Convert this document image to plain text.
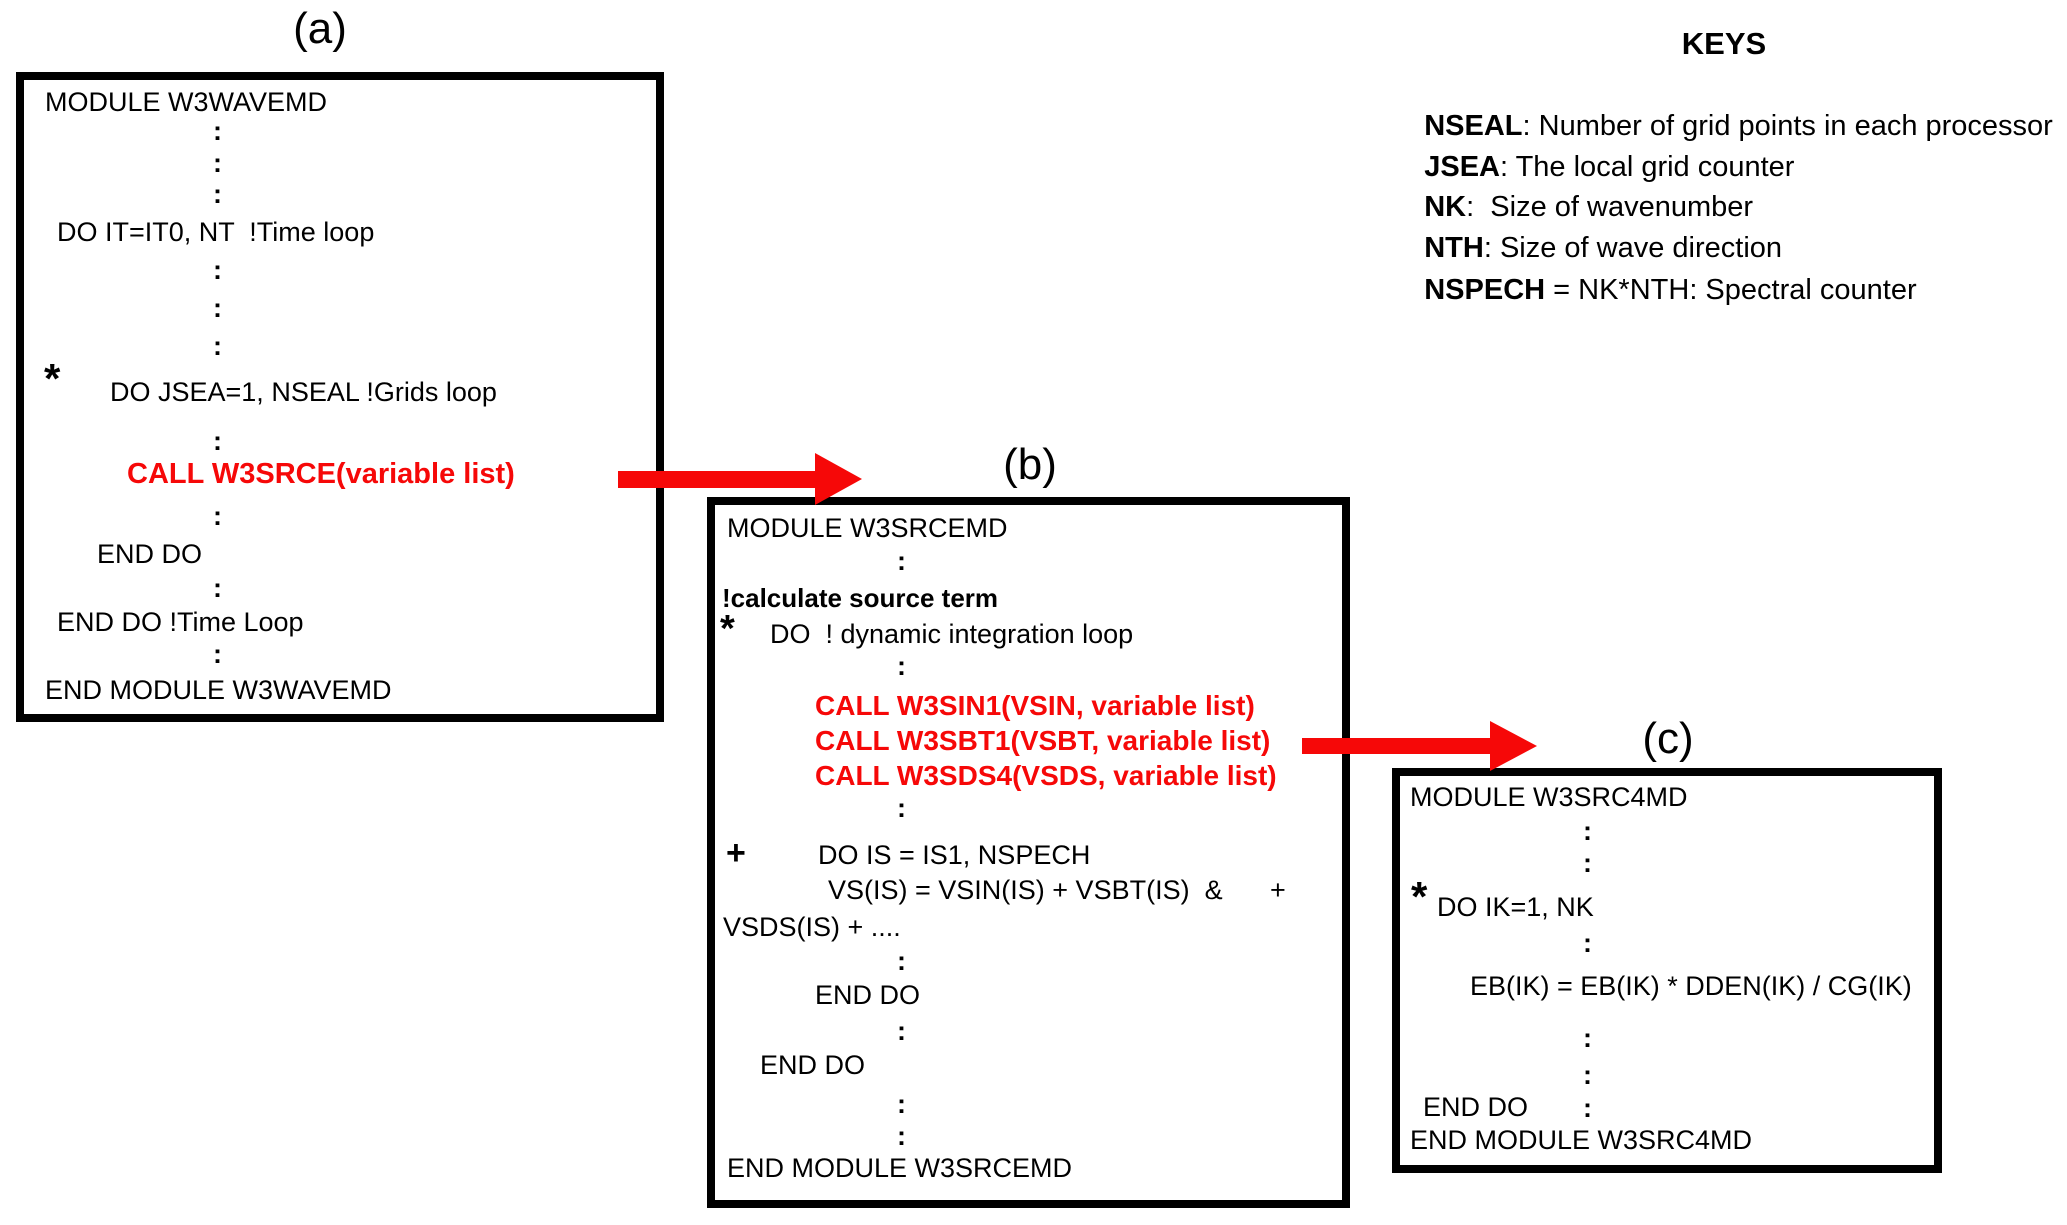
(a)
(b)
(c)
MODULE W3WAVEMD
:
:
:
DO IT=IT0, NT  !Time loop
:
:
:
* DO JSEA=1, NSEAL !Grids loop
:
CALL W3SRCE(variable list)
:
END DO
:
END DO !Time Loop
:
END MODULE W3WAVEMD
MODULE W3SRCEMD
:
!calculate source term
* DO  ! dynamic integration loop
:
CALL W3SIN1(VSIN, variable list)
CALL W3SBT1(VSBT, variable list)
CALL W3SDS4(VSDS, variable list)
:
+	DO IS = IS1, NSPECH
VS(IS) = VSIN(IS) + VSBT(IS)  & +
VSDS(IS) + ....
:
END DO
:
END DO
:
:
END MODULE W3SRCEMD
MODULE W3SRC4MD
:
:
* DO IK=1, NK
:
EB(IK) = EB(IK) * DDEN(IK) / CG(IK)
:
:
END DO :
END MODULE W3SRC4MD
KEYS

NSEAL: Number of grid points in each processor

JSEA: The local grid counter

NK:  Size of wavenumber

NTH: Size of wave direction

NSPECH = NK*NTH: Spectral counter
